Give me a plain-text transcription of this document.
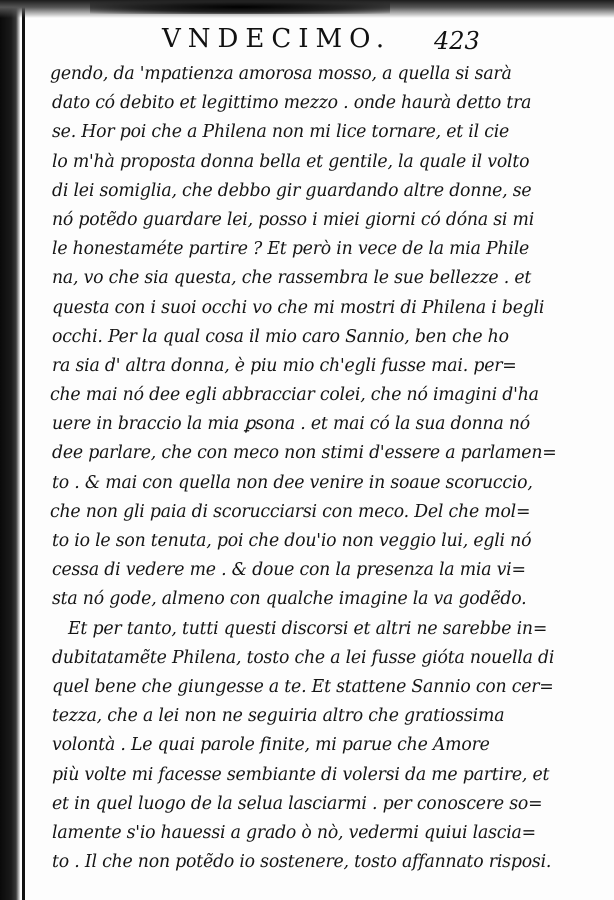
VNDECIMO. 423
gendo, da 'mpatienza amorosa mosso, a quella si sarà
dato có debito et legittimo mezzo . onde haurà detto tra
se. Hor poi che a Philena non mi lice tornare, et il cie
lo m'hà proposta donna bella et gentile, la quale il volto
di lei somiglia, che debbo gir guardando altre donne, se
nó potẽdo guardare lei, posso i miei giorni có dóna si mi
le honestaméte partire ? Et però in vece de la mia Phile
na, vo che sia questa, che rassembra le sue bellezze . et
questa con i suoi occhi vo che mi mostri di Philena i begli
occhi. Per la qual cosa il mio caro Sannio, ben che ho
ra sia d' altra donna, è piu mio ch'egli fusse mai. per=
che mai nó dee egli abbracciar colei, che nó imagini d'ha
uere in braccio la mia ꝑsona . et mai có la sua donna nó
dee parlare, che con meco non stimi d'essere a parlamen=
to . & mai con quella non dee venire in soaue scoruccio,
che non gli paia di scorucciarsi con meco. Del che mol=
to io le son tenuta, poi che dou'io non veggio lui, egli nó
cessa di vedere me . & doue con la presenza la mia vi=
sta nó gode, almeno con qualche imagine la va godẽdo.
Et per tanto, tutti questi discorsi et altri ne sarebbe in=
dubitatamẽte Philena, tosto che a lei fusse gióta nouella di
quel bene che giungesse a te. Et stattene Sannio con cer=
tezza, che a lei non ne seguiria altro che gratiossima
volontà . Le quai parole finite, mi parue che Amore
più volte mi facesse sembiante di volersi da me partire, et
et in quel luogo de la selua lasciarmi . per conoscere so=
lamente s'io hauessi a grado ò nò, vedermi quiui lascia=
to . Il che non potẽdo io sostenere, tosto affannato risposi.
